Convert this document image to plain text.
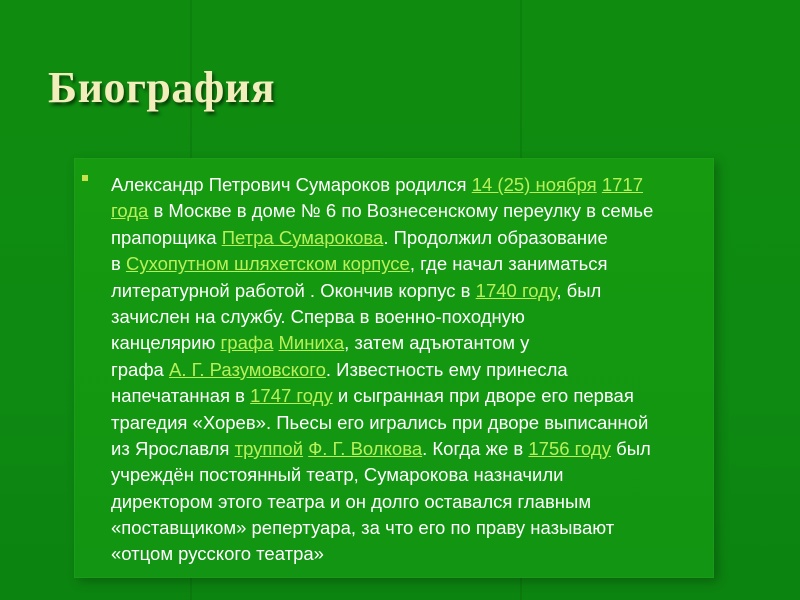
Биография
Александр Петрович Сумароков родился 14 (25) ноября 1717
года в Москве в доме № 6 по Вознесенскому переулку в семье
прапорщика Петра Сумарокова. Продолжил образование
в Сухопутном шляхетском корпусе, где начал заниматься
литературной работой . Окончив корпус в 1740 году, был
зачислен на службу. Сперва в военно-походную
канцелярию графа Миниха, затем адъютантом у
графа А. Г. Разумовского. Известность ему принесла
напечатанная в 1747 году и сыгранная при дворе его первая
трагедия «Хорев». Пьесы его игрались при дворе выписанной
из Ярославля труппой Ф. Г. Волкова. Когда же в 1756 году был
учреждён постоянный театр, Сумарокова назначили
директором этого театра и он долго оставался главным
«поставщиком» репертуара, за что его по праву называют
«отцом русского театра»
